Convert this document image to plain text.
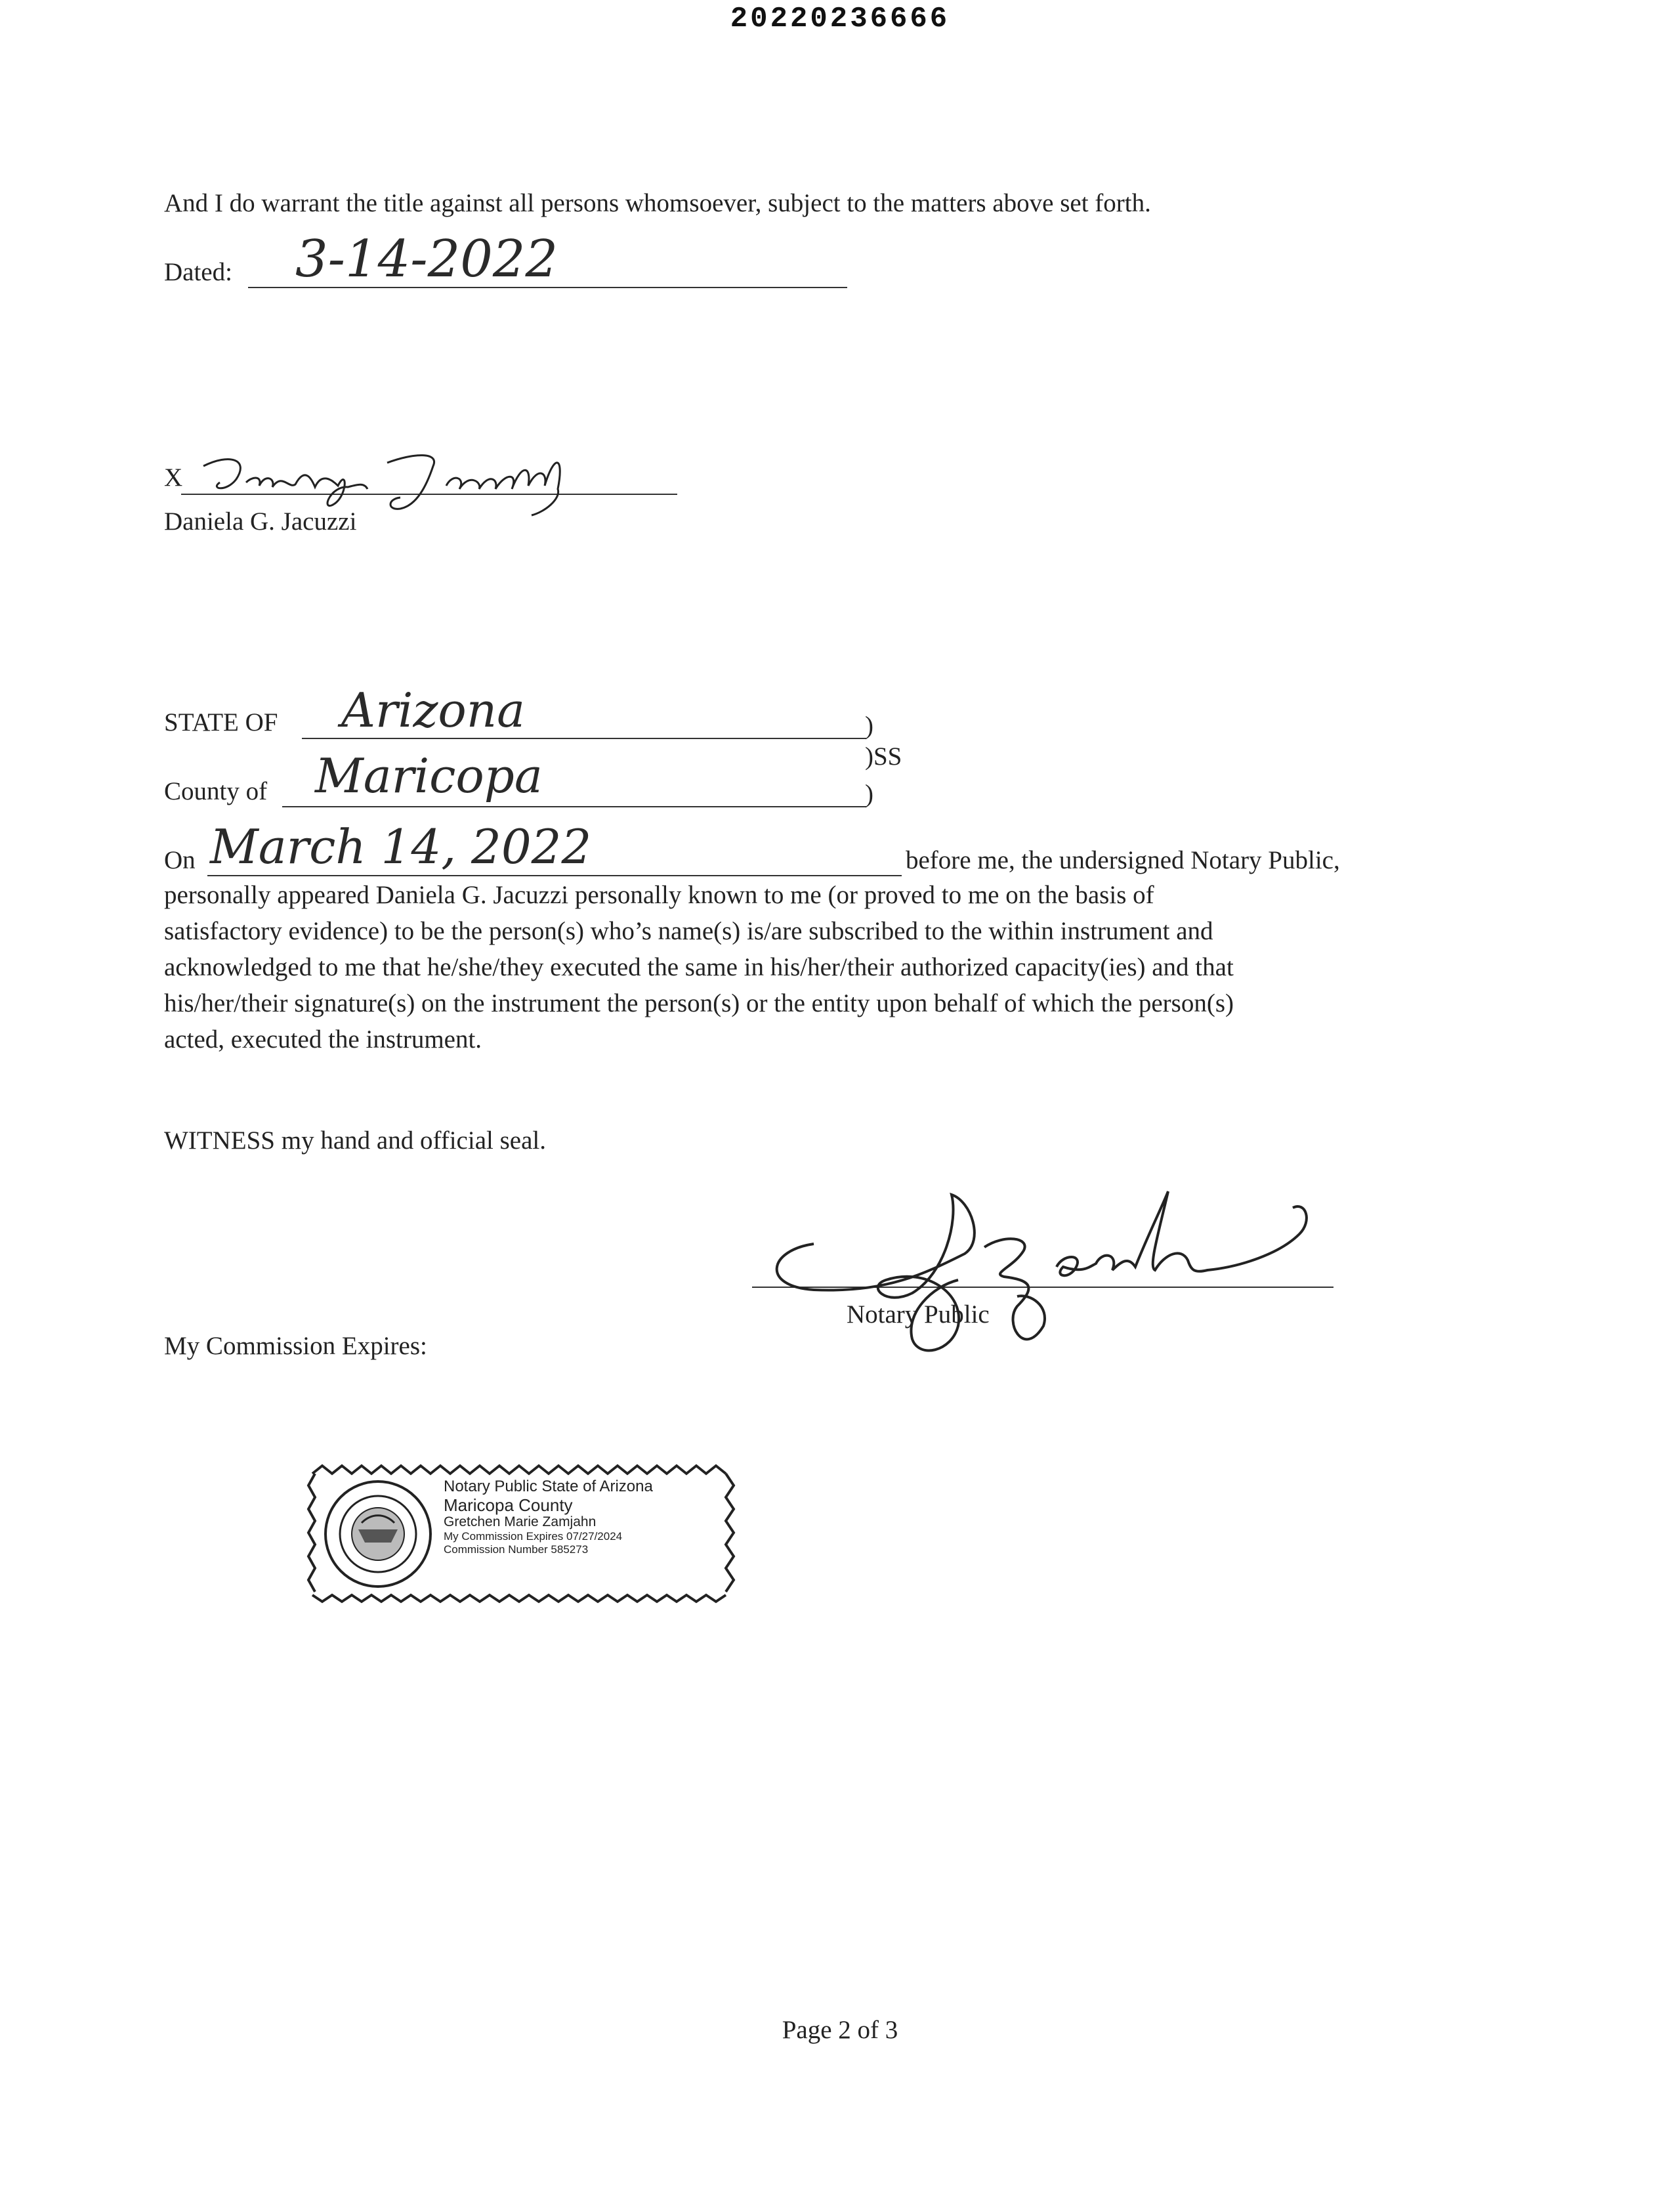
20220236666
And I do warrant the title against all persons whomsoever, subject to the matters above set forth.
Dated: 3-14-2022
X
Daniela G. Jacuzzi
STATE OF Arizona	)
)SS
County of Maricopa	)
On March 14, 2022	before me, the undersigned Notary Public,
personally appeared Daniela G. Jacuzzi personally known to me (or proved to me on the basis of
satisfactory evidence) to be the person(s) who’s name(s) is/are subscribed to the within instrument and
acknowledged to me that he/she/they executed the same in his/her/their authorized capacity(ies) and that
his/her/their signature(s) on the instrument the person(s) or the entity upon behalf of which the person(s)
acted, executed the instrument.
WITNESS my hand and official seal.
Notary Public
My Commission Expires:
Notary Public State of Arizona
Maricopa County
Gretchen Marie Zamjahn
My Commission Expires 07/27/2024
Commission Number 585273
Page 2 of 3
